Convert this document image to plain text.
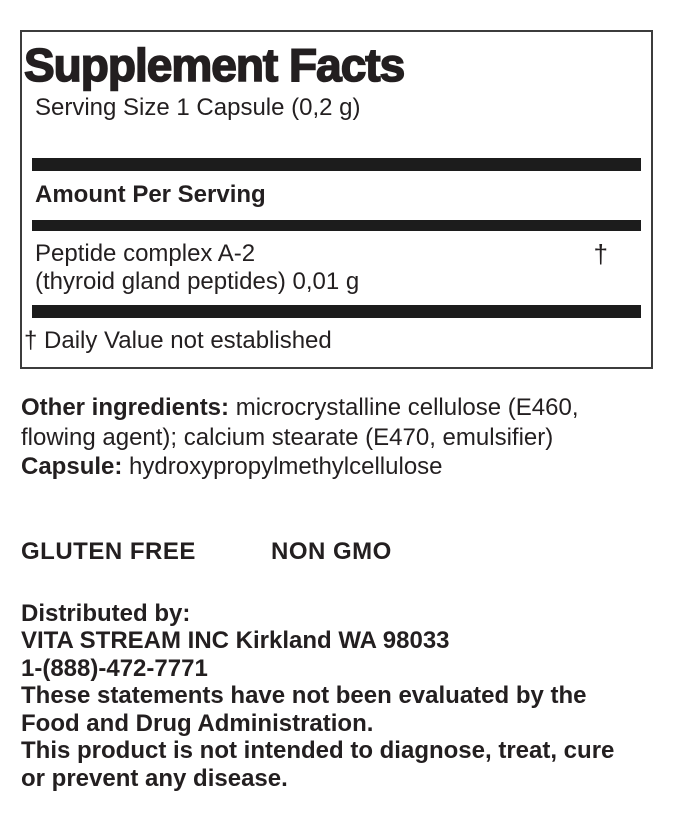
Supplement Facts
Serving Size 1 Capsule (0,2 g)
Amount Per Serving
Peptide complex A-2
(thyroid gland peptides) 0,01 g
†
† Daily Value not established
Other ingredients: microcrystalline cellulose (E460,
flowing agent); calcium stearate (E470, emulsifier)
Capsule: hydroxypropylmethylcellulose
GLUTEN FREE	NON GMO
Distributed by:
VITA STREAM INC Kirkland WA 98033
1-(888)-472-7771
These statements have not been evaluated by the
Food and Drug Administration.
This product is not intended to diagnose, treat, cure
or prevent any disease.
